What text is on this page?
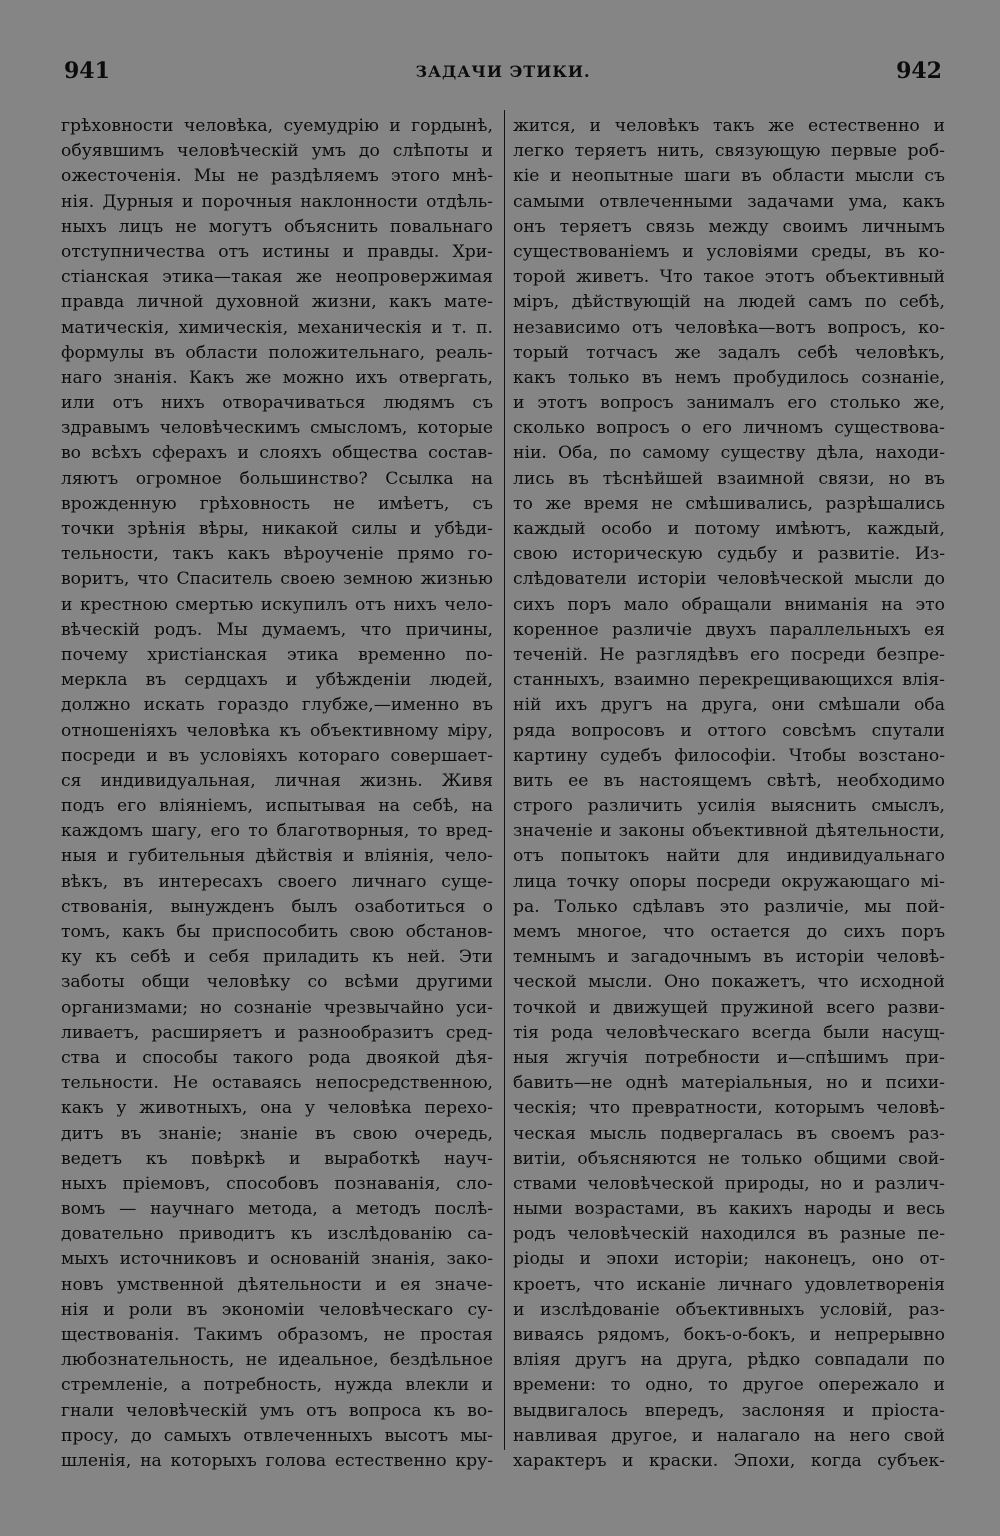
941	ЗАДАЧИ ЭТИКИ.	942
грѣховности человѣка, суемудрію и гордынѣ,
обуявшимъ человѣческій умъ до слѣпоты и
ожесточенія. Мы не раздѣляемъ этого мнѣ-
нія. Дурныя и порочныя наклонности отдѣль-
ныхъ лицъ не могутъ объяснить повальнаго
отступничества отъ истины и правды. Хри-
стіанская этика—такая же неопровержимая
правда личной духовной жизни, какъ мате-
матическія, химическія, механическія и т. п.
формулы въ области положительнаго, реаль-
наго знанія. Какъ же можно ихъ отвергать,
или отъ нихъ отворачиваться людямъ съ
здравымъ человѣческимъ смысломъ, которые
во всѣхъ сферахъ и слояхъ общества состав-
ляютъ огромное большинство? Ссылка на
врожденную грѣховность не имѣетъ, съ
точки зрѣнія вѣры, никакой силы и убѣди-
тельности, такъ какъ вѣроученіе прямо го-
воритъ, что Спаситель своею земною жизнью
и крестною смертью искупилъ отъ нихъ чело-
вѣческій родъ. Мы думаемъ, что причины,
почему христіанская этика временно по-
меркла въ сердцахъ и убѣжденіи людей,
должно искать гораздо глубже,—именно въ
отношеніяхъ человѣка къ объективному міру,
посреди и въ условіяхъ котораго совершает-
ся индивидуальная, личная жизнь. Живя
подъ его вліяніемъ, испытывая на себѣ, на
каждомъ шагу, его то благотворныя, то вред-
ныя и губительныя дѣйствія и вліянія, чело-
вѣкъ, въ интересахъ своего личнаго суще-
ствованія, вынужденъ былъ озаботиться о
томъ, какъ бы приспособить свою обстанов-
ку къ себѣ и себя приладить къ ней. Эти
заботы общи человѣку со всѣми другими
организмами; но сознаніе чрезвычайно уси-
ливаетъ, расширяетъ и разнообразитъ сред-
ства и способы такого рода двоякой дѣя-
тельности. Не оставаясь непосредственною,
какъ у животныхъ, она у человѣка перехо-
дитъ въ знаніе; знаніе въ свою очередь,
ведетъ къ повѣркѣ и выработкѣ науч-
ныхъ пріемовъ, способовъ познаванія, сло-
вомъ — научнаго метода, а методъ послѣ-
довательно приводитъ къ изслѣдованію са-
мыхъ источниковъ и основаній знанія, зако-
новъ умственной дѣятельности и ея значе-
нія и роли въ экономіи человѣческаго су-
ществованія. Такимъ образомъ, не простая
любознательность, не идеальное, бездѣльное
стремленіе, а потребность, нужда влекли и
гнали человѣческій умъ отъ вопроса къ во-
просу, до самыхъ отвлеченныхъ высотъ мы-
шленія, на которыхъ голова естественно кру-
жится, и человѣкъ такъ же естественно и
легко теряетъ нить, связующую первые роб-
кіе и неопытные шаги въ области мысли съ
самыми отвлеченными задачами ума, какъ
онъ теряетъ связь между своимъ личнымъ
существованіемъ и условіями среды, въ ко-
торой живетъ. Что такое этотъ объективный
міръ, дѣйствующій на людей самъ по себѣ,
независимо отъ человѣка—вотъ вопросъ, ко-
торый тотчасъ же задалъ себѣ человѣкъ,
какъ только въ немъ пробудилось сознаніе,
и этотъ вопросъ занималъ его столько же,
сколько вопросъ о его личномъ существова-
ніи. Оба, по самому существу дѣла, находи-
лись въ тѣснѣйшей взаимной связи, но въ
то же время не смѣшивались, разрѣшались
каждый особо и потому имѣютъ, каждый,
свою историческую судьбу и развитіе. Из-
слѣдователи исторіи человѣческой мысли до
сихъ поръ мало обращали вниманія на это
коренное различіе двухъ параллельныхъ ея
теченій. Не разглядѣвъ его посреди безпре-
станныхъ, взаимно перекрещивающихся влія-
ній ихъ другъ на друга, они смѣшали оба
ряда вопросовъ и оттого совсѣмъ спутали
картину судебъ философіи. Чтобы возстано-
вить ее въ настоящемъ свѣтѣ, необходимо
строго различить усилія выяснить смыслъ,
значеніе и законы объективной дѣятельности,
отъ попытокъ найти для индивидуальнаго
лица точку опоры посреди окружающаго мі-
ра. Только сдѣлавъ это различіе, мы пой-
мемъ многое, что остается до сихъ поръ
темнымъ и загадочнымъ въ исторіи человѣ-
ческой мысли. Оно покажетъ, что исходной
точкой и движущей пружиной всего разви-
тія рода человѣческаго всегда были насущ-
ныя жгучія потребности и—спѣшимъ при-
бавить—не однѣ матеріальныя, но и психи-
ческія; что превратности, которымъ человѣ-
ческая мысль подвергалась въ своемъ раз-
витіи, объясняются не только общими свой-
ствами человѣческой природы, но и различ-
ными возрастами, въ какихъ народы и весь
родъ человѣческій находился въ разные пе-
ріоды и эпохи исторіи; наконецъ, оно от-
кроетъ, что исканіе личнаго удовлетворенія
и изслѣдованіе объективныхъ условій, раз-
виваясь рядомъ, бокъ-о-бокъ, и непрерывно
вліяя другъ на друга, рѣдко совпадали по
времени: то одно, то другое опережало и
выдвигалось впередъ, заслоняя и пріоста-
навливая другое, и налагало на него свой
характеръ и краски. Эпохи, когда субъек-
